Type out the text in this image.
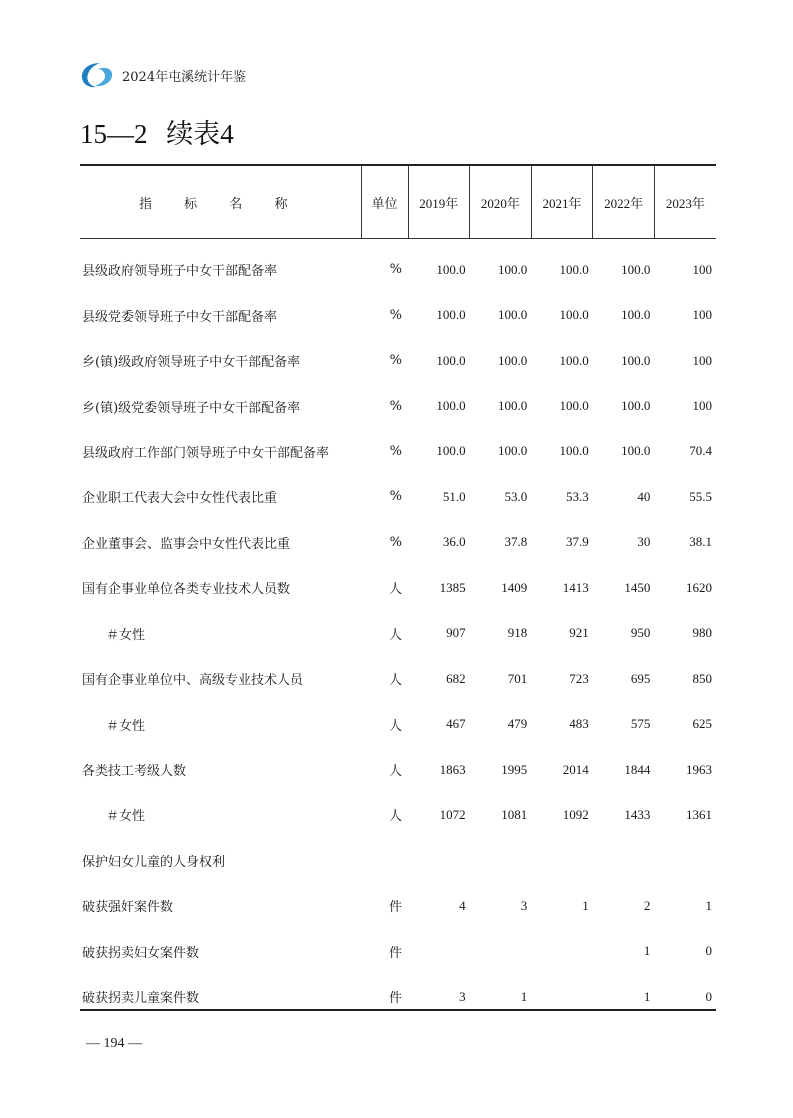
2024年屯溪统计年鉴
15—2 续表4
指 标 名 称	单位	2019年	2020年	2021年	2022年	2023年
县级政府领导班子中女干部配备率	%	100.0	100.0	100.0	100.0	100
县级党委领导班子中女干部配备率	%	100.0	100.0	100.0	100.0	100
乡(镇)级政府领导班子中女干部配备率	%	100.0	100.0	100.0	100.0	100
乡(镇)级党委领导班子中女干部配备率	%	100.0	100.0	100.0	100.0	100
县级政府工作部门领导班子中女干部配备率	%	100.0	100.0	100.0	100.0	70.4
企业职工代表大会中女性代表比重	%	51.0	53.0	53.3	40	55.5
企业董事会、监事会中女性代表比重	%	36.0	37.8	37.9	30	38.1
国有企事业单位各类专业技术人员数	人	1385	1409	1413	1450	1620
＃女性	人	907	918	921	950	980
国有企事业单位中、高级专业技术人员	人	682	701	723	695	850
＃女性	人	467	479	483	575	625
各类技工考级人数	人	1863	1995	2014	1844	1963
＃女性	人	1072	1081	1092	1433	1361
保护妇女儿童的人身权利						
破获强奸案件数	件	4	3	1	2	1
破获拐卖妇女案件数	件				1	0
破获拐卖儿童案件数	件	3	1		1	0
— 194 —
